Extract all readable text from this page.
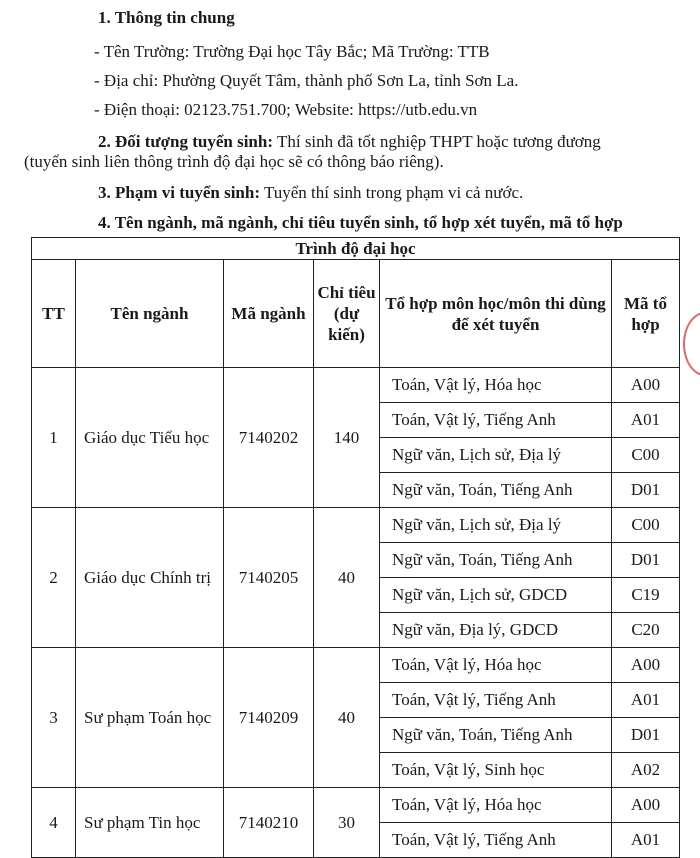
1. Thông tin chung
- Tên Trường: Trường Đại học Tây Bắc; Mã Trường: TTB
- Địa chỉ: Phường Quyết Tâm, thành phố Sơn La, tỉnh Sơn La.
- Điện thoại: 02123.751.700; Website: https://utb.edu.vn
2. Đối tượng tuyển sinh: Thí sinh đã tốt nghiệp THPT hoặc tương đương
(tuyển sinh liên thông trình độ đại học sẽ có thông báo riêng).
3. Phạm vi tuyển sinh: Tuyển thí sinh trong phạm vi cả nước.
4. Tên ngành, mã ngành, chỉ tiêu tuyển sinh, tổ hợp xét tuyển, mã tổ hợp
Trình độ đại học					
TT	Tên ngành	Mã ngành	Chỉ tiêu (dự kiến)	Tổ hợp môn học/môn thi dùng để xét tuyển	Mã tổ hợp
1	Giáo dục Tiểu học	7140202	140	Toán, Vật lý, Hóa học	A00
				Toán, Vật lý, Tiếng Anh	A01
				Ngữ văn, Lịch sử, Địa lý	C00
				Ngữ văn, Toán, Tiếng Anh	D01
2	Giáo dục Chính trị	7140205	40	Ngữ văn, Lịch sử, Địa lý	C00
				Ngữ văn, Toán, Tiếng Anh	D01
				Ngữ văn, Lịch sử, GDCD	C19
				Ngữ văn, Địa lý, GDCD	C20
3	Sư phạm Toán học	7140209	40	Toán, Vật lý, Hóa học	A00
				Toán, Vật lý, Tiếng Anh	A01
				Ngữ văn, Toán, Tiếng Anh	D01
				Toán, Vật lý, Sinh học	A02
4	Sư phạm Tin học	7140210	30	Toán, Vật lý, Hóa học	A00
				Toán, Vật lý, Tiếng Anh	A01
